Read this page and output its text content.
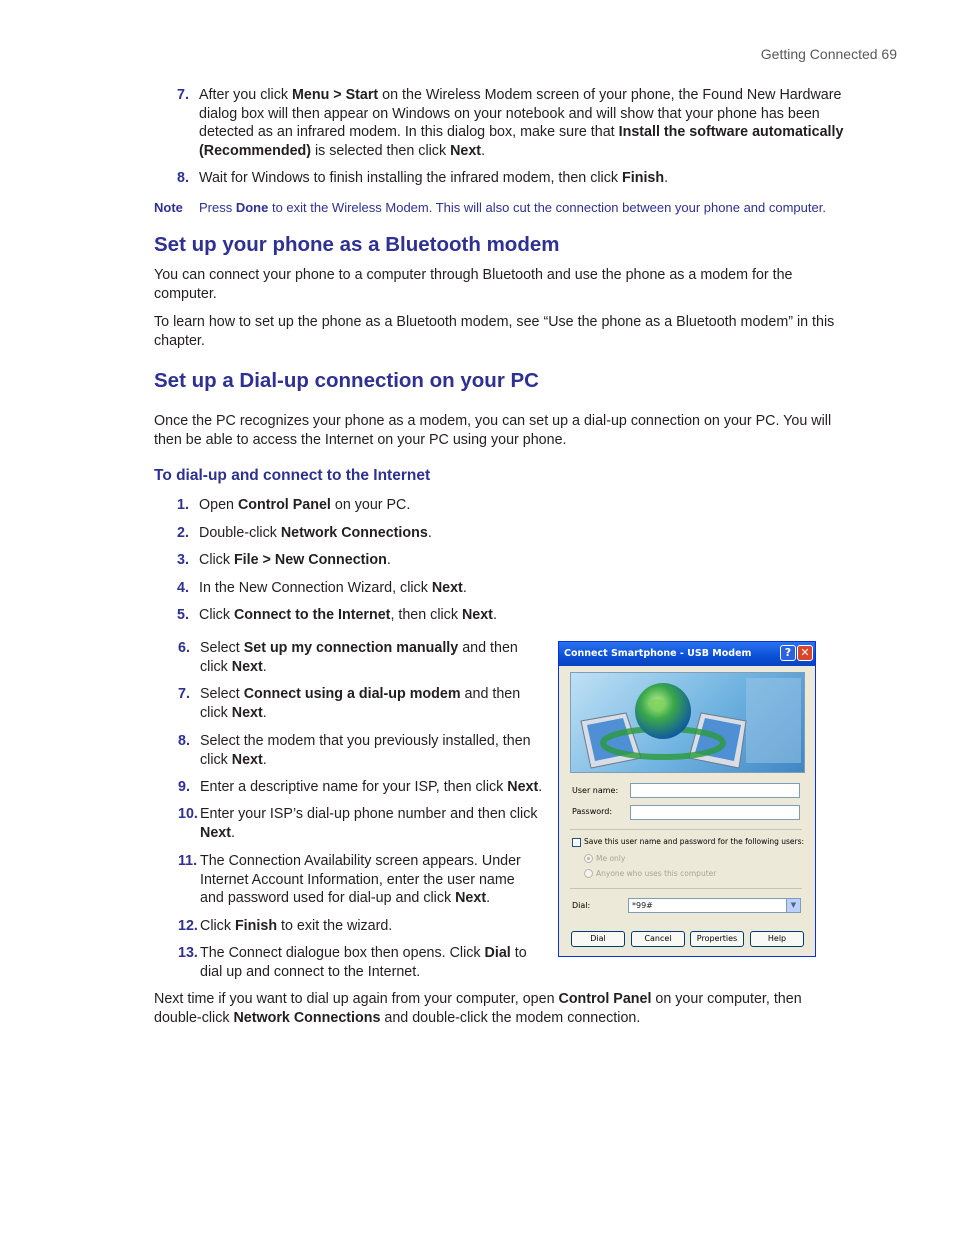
Getting Connected 69
7. After you click Menu > Start on the Wireless Modem screen of your phone, the Found New Hardware
dialog box will then appear on Windows on your notebook and will show that your phone has been
detected as an infrared modem. In this dialog box, make sure that Install the software automatically
(Recommended) is selected then click Next.
8. Wait for Windows to finish installing the infrared modem, then click Finish.
Note Press Done to exit the Wireless Modem. This will also cut the connection between your phone and computer.
Set up your phone as a Bluetooth modem
You can connect your phone to a computer through Bluetooth and use the phone as a modem for the
computer.
To learn how to set up the phone as a Bluetooth modem, see “Use the phone as a Bluetooth modem” in this
chapter.
Set up a Dial-up connection on your PC
Once the PC recognizes your phone as a modem, you can set up a dial-up connection on your PC. You will
then be able to access the Internet on your PC using your phone.
To dial-up and connect to the Internet
1. Open Control Panel on your PC.
2. Double-click Network Connections.
3. Click File > New Connection.
4. In the New Connection Wizard, click Next.
5. Click Connect to the Internet, then click Next.
6. Select Set up my connection manually and then
click Next.
7. Select Connect using a dial-up modem and then
click Next.
8. Select the modem that you previously installed, then
click Next.
9. Enter a descriptive name for your ISP, then click Next.
10. Enter your ISP’s dial-up phone number and then click
Next.
11. The Connection Availability screen appears. Under
Internet Account Information, enter the user name
and password used for dial-up and click Next.
12. Click Finish to exit the wizard.
13. The Connect dialogue box then opens. Click Dial to
dial up and connect to the Internet.
Next time if you want to dial up again from your computer, open Control Panel on your computer, then
double-click Network Connections and double-click the modem connection.
Connect Smartphone - USB Modem	? ✕
User name:
Password:
Save this user name and password for the following users:
Me only
Anyone who uses this computer
Dial:	*99#	▼
Dial	Cancel	Properties	Help
